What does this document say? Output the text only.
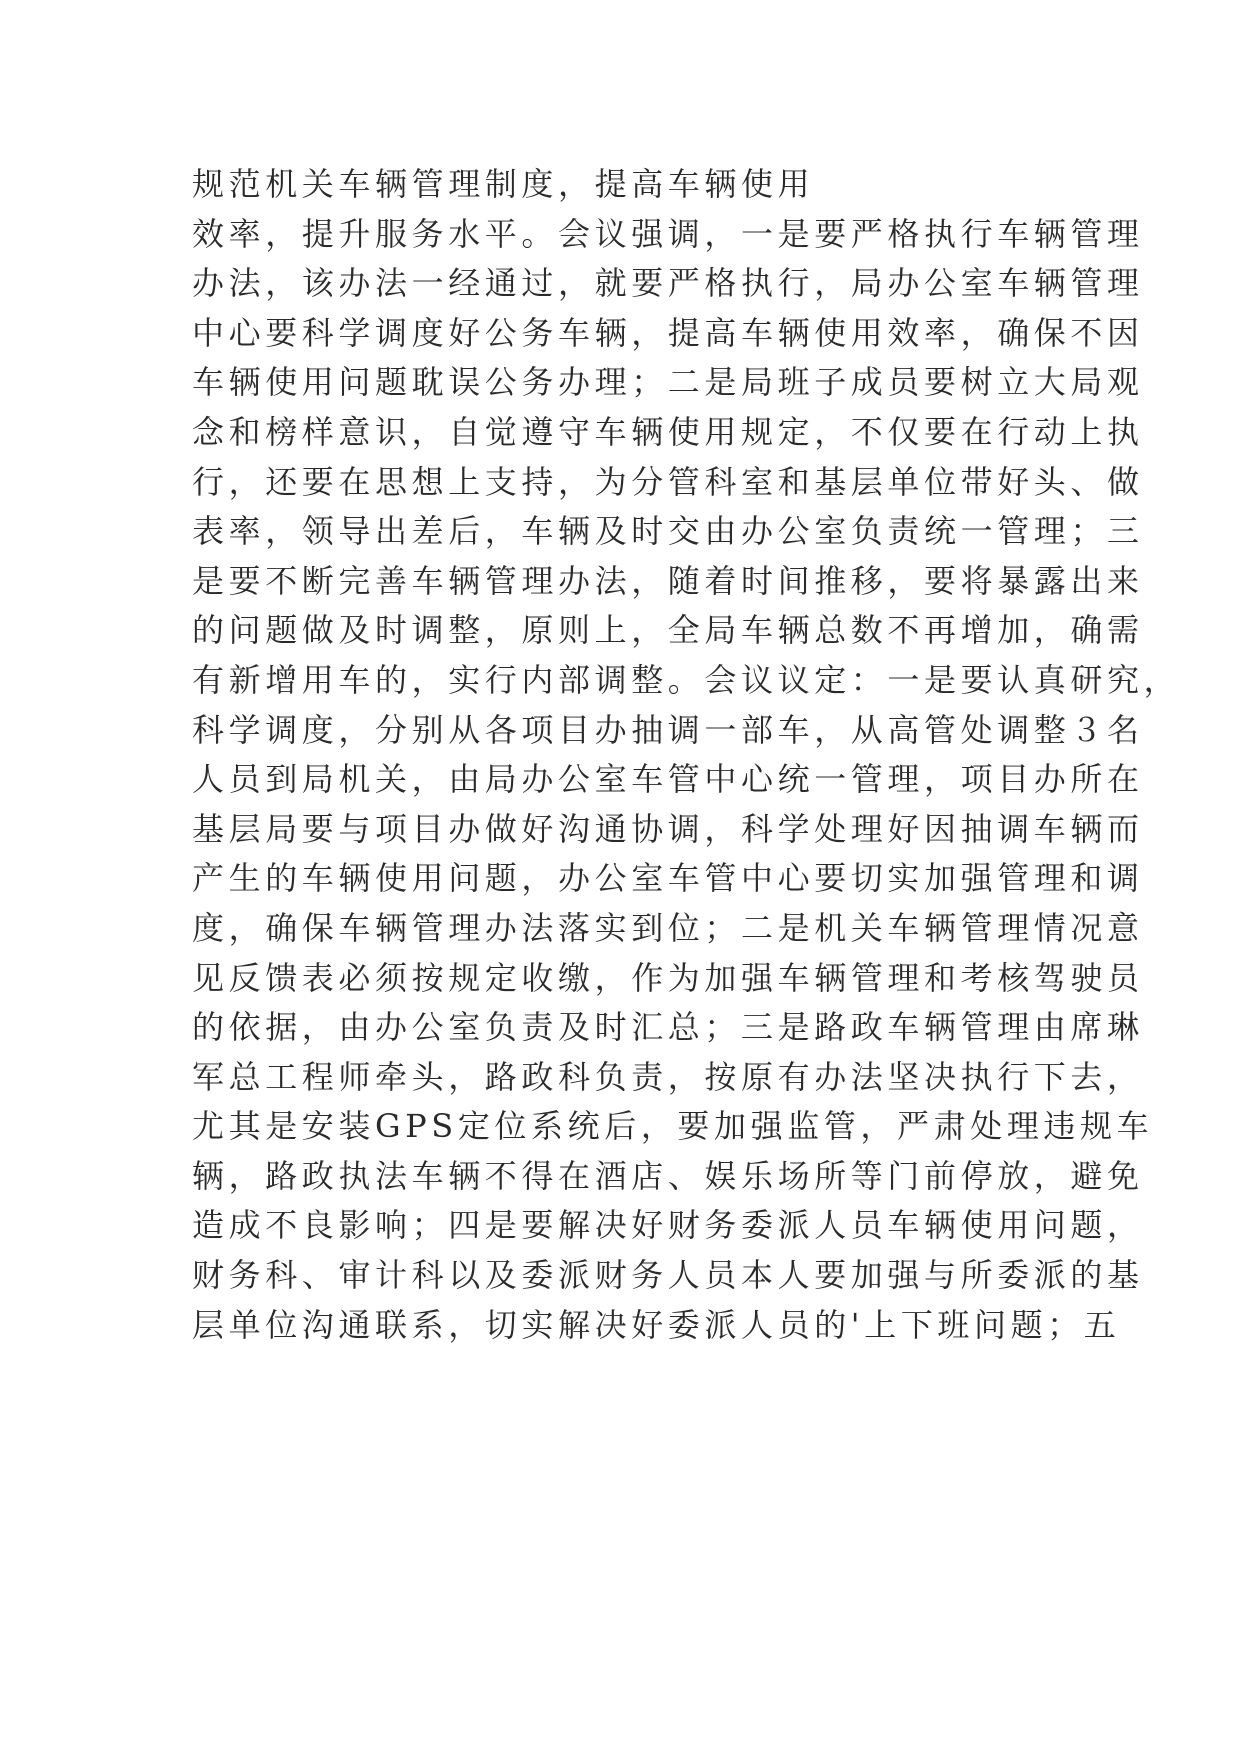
规范机关车辆管理制度，提高车辆使用
效率，提升服务水平。会议强调，一是要严格执行车辆管理
办法，该办法一经通过，就要严格执行，局办公室车辆管理
中心要科学调度好公务车辆，提高车辆使用效率，确保不因
车辆使用问题耽误公务办理；二是局班子成员要树立大局观
念和榜样意识，自觉遵守车辆使用规定，不仅要在行动上执
行，还要在思想上支持，为分管科室和基层单位带好头、做
表率，领导出差后，车辆及时交由办公室负责统一管理；三
是要不断完善车辆管理办法，随着时间推移，要将暴露出来
的问题做及时调整，原则上，全局车辆总数不再增加，确需
有新增用车的，实行内部调整。会议议定：一是要认真研究，
科学调度，分别从各项目办抽调一部车，从高管处调整３名
人员到局机关，由局办公室车管中心统一管理，项目办所在
基层局要与项目办做好沟通协调，科学处理好因抽调车辆而
产生的车辆使用问题，办公室车管中心要切实加强管理和调
度，确保车辆管理办法落实到位；二是机关车辆管理情况意
见反馈表必须按规定收缴，作为加强车辆管理和考核驾驶员
的依据，由办公室负责及时汇总；三是路政车辆管理由席琳
军总工程师牵头，路政科负责，按原有办法坚决执行下去，
尤其是安装GPS定位系统后，要加强监管，严肃处理违规车
辆，路政执法车辆不得在酒店、娱乐场所等门前停放，避免
造成不良影响；四是要解决好财务委派人员车辆使用问题，
财务科、审计科以及委派财务人员本人要加强与所委派的基
层单位沟通联系，切实解决好委派人员的'上下班问题；五
